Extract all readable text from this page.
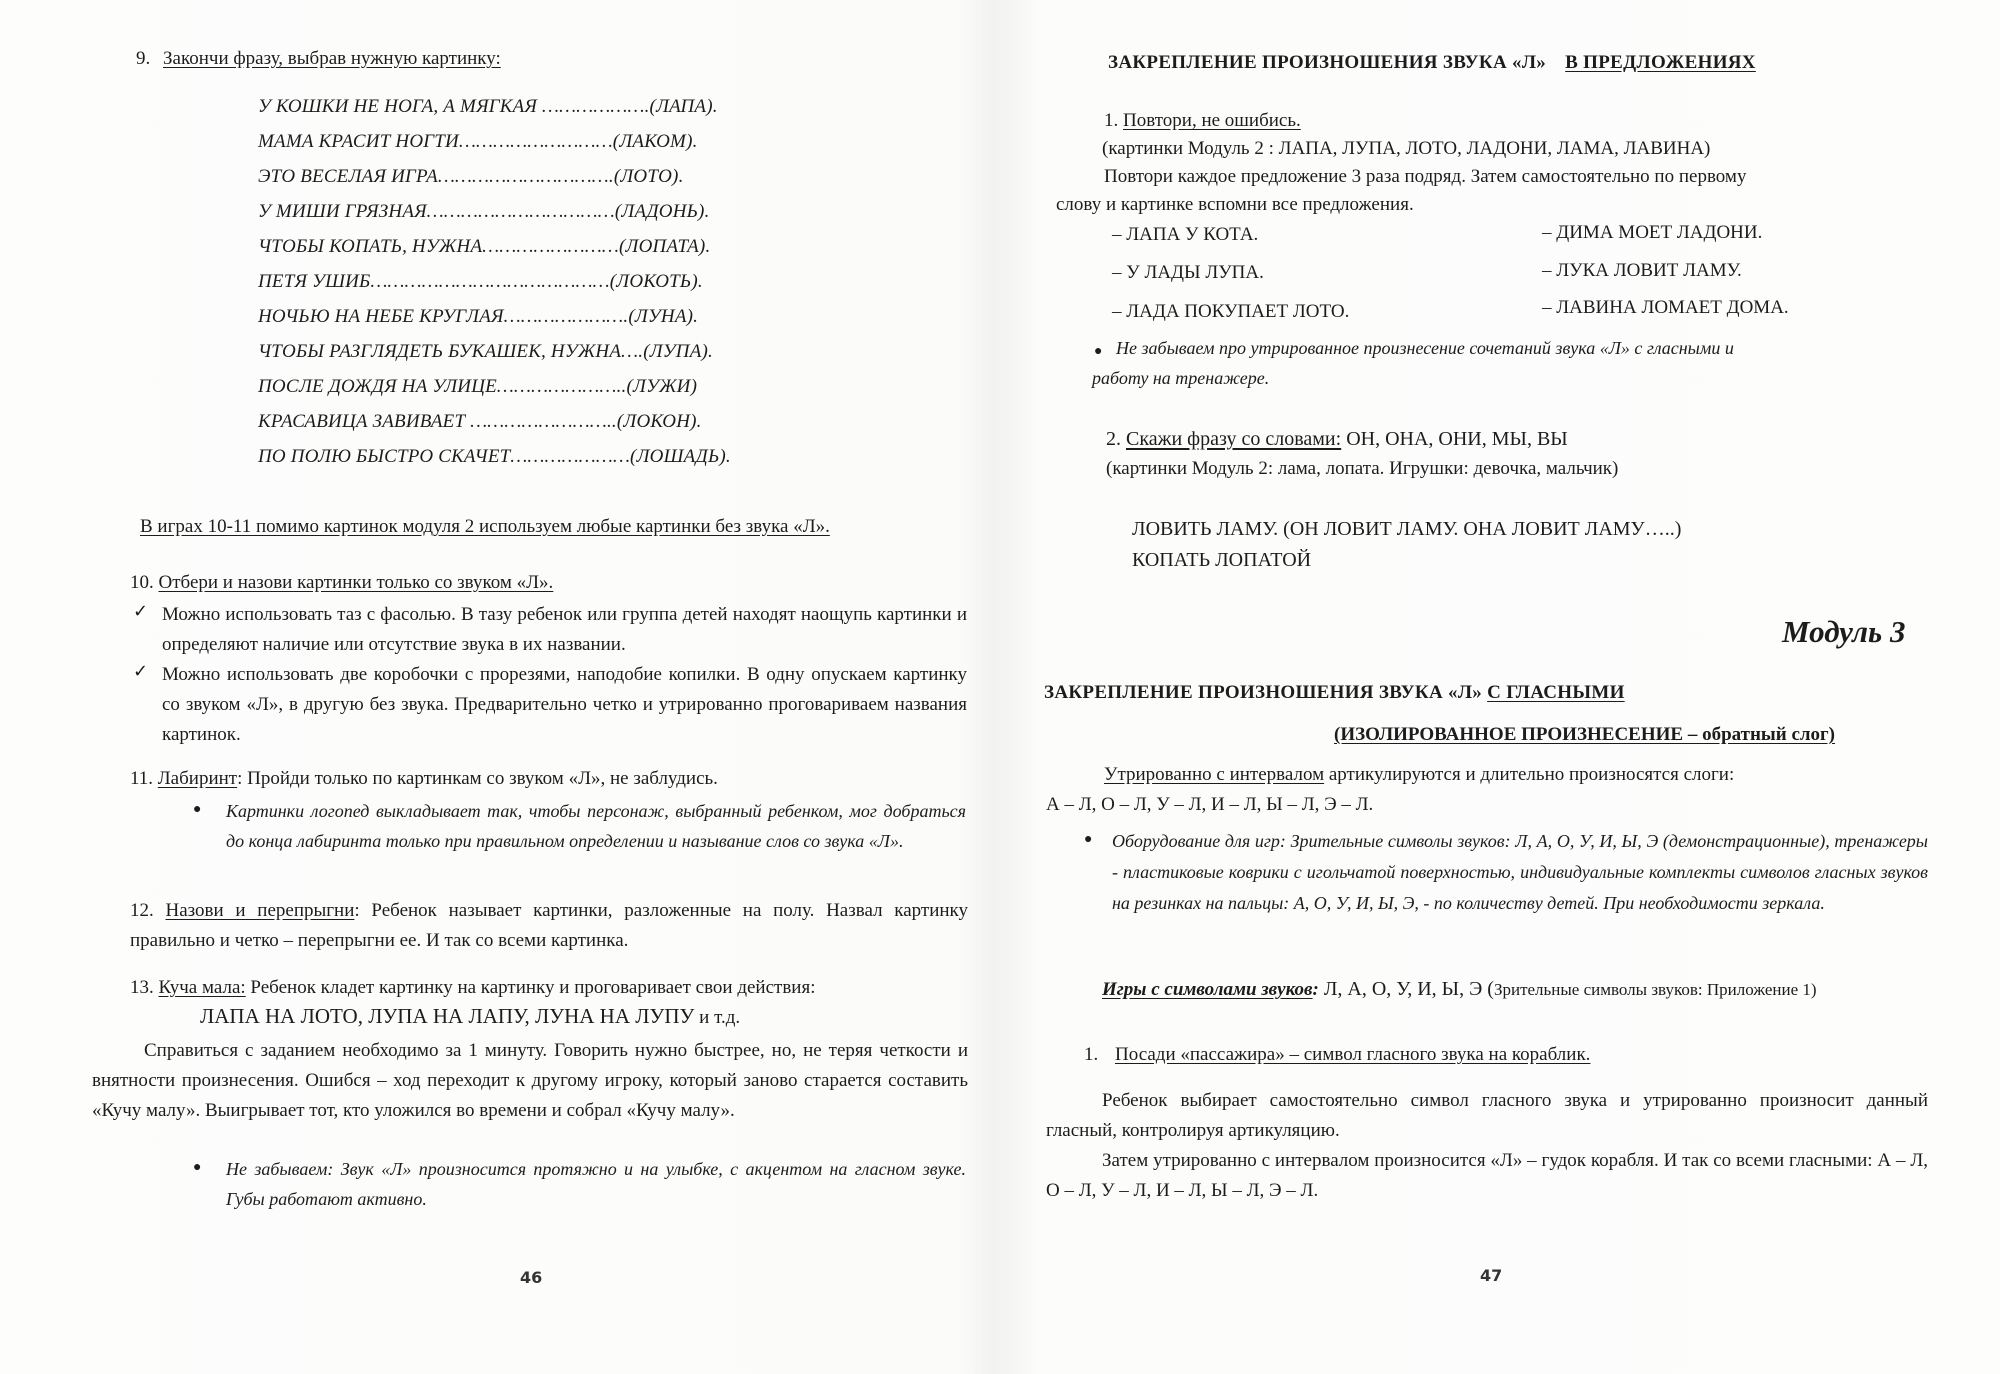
9. Закончи фразу, выбрав нужную картинку:
У КОШКИ НЕ НОГА, А МЯГКАЯ ……………….(ЛАПА).
МАМА КРАСИТ НОГТИ………………………(ЛАКОМ).
ЭТО ВЕСЕЛАЯ ИГРА………………………….(ЛОТО).
У МИШИ ГРЯЗНАЯ……………………………(ЛАДОНЬ).
ЧТОБЫ КОПАТЬ, НУЖНА……………………(ЛОПАТА).
ПЕТЯ УШИБ……………………………………(ЛОКОТЬ).
НОЧЬЮ НА НЕБЕ КРУГЛАЯ………………….(ЛУНА).
ЧТОБЫ РАЗГЛЯДЕТЬ БУКАШЕК, НУЖНА….(ЛУПА).
ПОСЛЕ ДОЖДЯ НА УЛИЦЕ…………………..(ЛУЖИ)
КРАСАВИЦА ЗАВИВАЕТ ……………………..(ЛОКОН).
ПО ПОЛЮ БЫСТРО СКАЧЕТ…………………(ЛОШАДЬ).
В играх 10-11 помимо картинок модуля 2 используем любые картинки без звука «Л».
10. Отбери и назови картинки только со звуком «Л».
✓ Можно использовать таз с фасолью. В тазу ребенок или группа детей находят наощупь картинки и определяют наличие или отсутствие звука в их названии.
✓ Можно использовать две коробочки с прорезями, наподобие копилки. В одну опускаем картинку со звуком «Л», в другую без звука. Предварительно четко и утрированно проговариваем названия картинок.
11. Лабиринт: Пройди только по картинкам со звуком «Л», не заблудись.
● Картинки логопед выкладывает так, чтобы персонаж, выбранный ребенком, мог добраться до конца лабиринта только при правильном определении и называние слов со звука «Л».
12. Назови и перепрыгни: Ребенок называет картинки, разложенные на полу. Назвал картинку правильно и четко – перепрыгни ее. И так со всеми картинка.
13. Куча мала: Ребенок кладет картинку на картинку и проговаривает свои действия:
ЛАПА НА ЛОТО, ЛУПА НА ЛАПУ, ЛУНА НА ЛУПУ и т.д.
Справиться с заданием необходимо за 1 минуту. Говорить нужно быстрее, но, не теряя четкости и внятности произнесения. Ошибся – ход переходит к другому игроку, который заново старается составить «Кучу малу». Выигрывает тот, кто уложился во времени и собрал «Кучу малу».
● Не забываем: Звук «Л» произносится протяжно и на улыбке, с акцентом на гласном звуке. Губы работают активно.
46
ЗАКРЕПЛЕНИЕ ПРОИЗНОШЕНИЯ ЗВУКА «Л» В ПРЕДЛОЖЕНИЯХ
1. Повтори, не ошибись.
(картинки Модуль 2 : ЛАПА, ЛУПА, ЛОТО, ЛАДОНИ, ЛАМА, ЛАВИНА)
Повтори каждое предложение 3 раза подряд. Затем самостоятельно по первому
слову и картинке вспомни все предложения.
– ЛАПА У КОТА.
– У ЛАДЫ ЛУПА.
– ЛАДА ПОКУПАЕТ ЛОТО.
– ДИМА МОЕТ ЛАДОНИ.
– ЛУКА ЛОВИТ ЛАМУ.
– ЛАВИНА ЛОМАЕТ ДОМА.
● Не забываем про утрированное произнесение сочетаний звука «Л» с гласными и
работу на тренажере.
2. Скажи фразу со словами: ОН, ОНА, ОНИ, МЫ, ВЫ
(картинки Модуль 2: лама, лопата. Игрушки: девочка, мальчик)
ЛОВИТЬ ЛАМУ. (ОН ЛОВИТ ЛАМУ. ОНА ЛОВИТ ЛАМУ…..)
КОПАТЬ ЛОПАТОЙ
Модуль 3
ЗАКРЕПЛЕНИЕ ПРОИЗНОШЕНИЯ ЗВУКА «Л» С ГЛАСНЫМИ
(ИЗОЛИРОВАННОЕ ПРОИЗНЕСЕНИЕ – обратный слог)
Утрированно с интервалом артикулируются и длительно произносятся слоги:
А – Л, О – Л, У – Л, И – Л, Ы – Л, Э – Л.
● Оборудование для игр: Зрительные символы звуков: Л, А, О, У, И, Ы, Э (демонстрационные), тренажеры - пластиковые коврики с игольчатой поверхностью, индивидуальные комплекты символов гласных звуков на резинках на пальцы: А, О, У, И, Ы, Э, - по количеству детей. При необходимости зеркала.
Игры с символами звуков: Л, А, О, У, И, Ы, Э (Зрительные символы звуков: Приложение 1)
1. Посади «пассажира» – символ гласного звука на кораблик.
Ребенок выбирает самостоятельно символ гласного звука и утрированно произносит данный гласный, контролируя артикуляцию.
Затем утрированно с интервалом произносится «Л» – гудок корабля. И так со всеми гласными: А – Л, О – Л, У – Л, И – Л, Ы – Л, Э – Л.
47
